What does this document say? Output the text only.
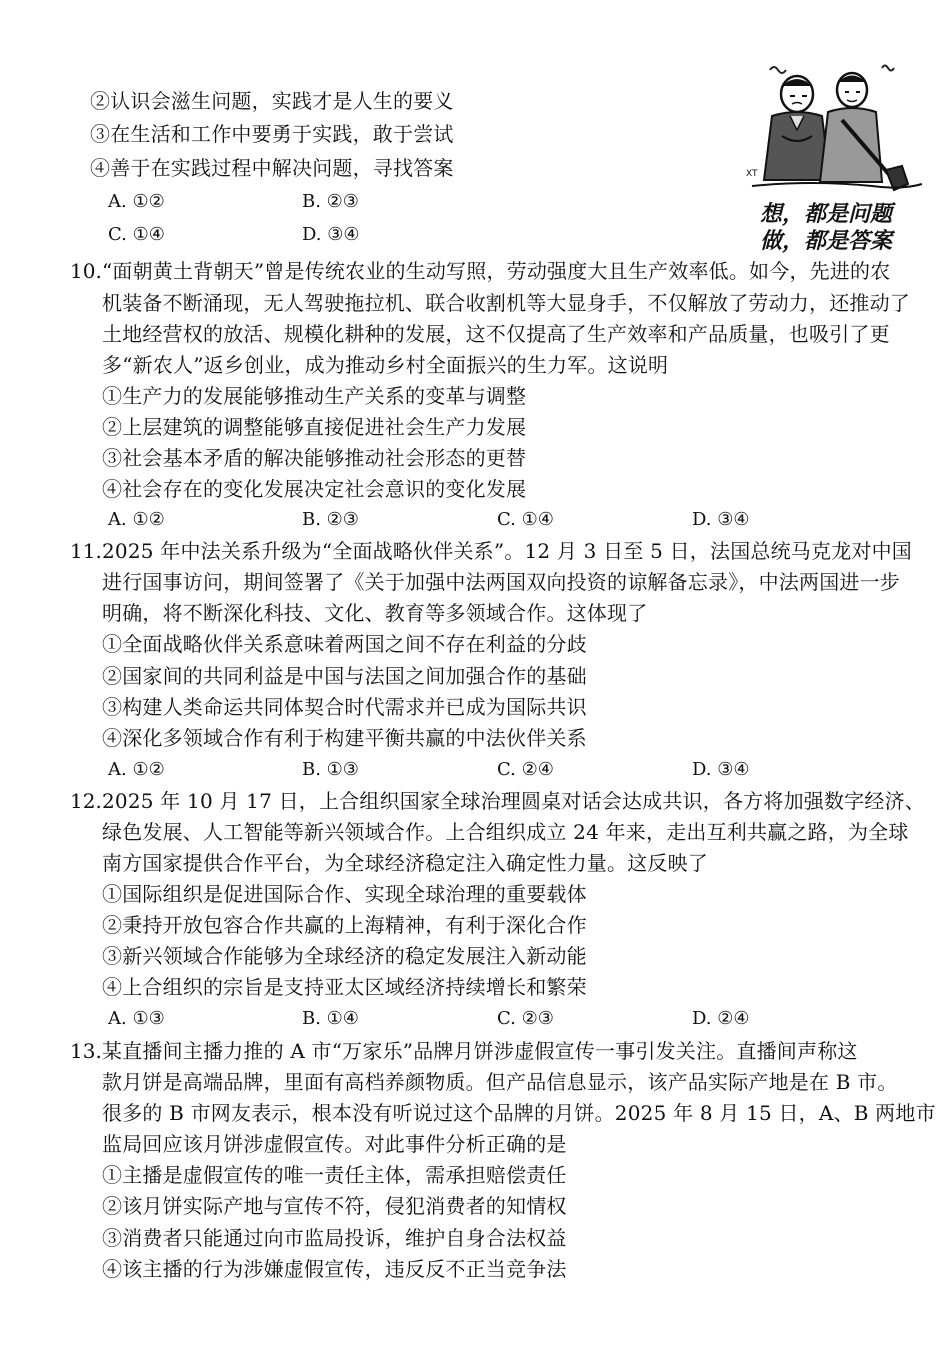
②认识会滋生问题，实践才是人生的要义
③在生活和工作中要勇于实践，敢于尝试
④善于在实践过程中解决问题，寻找答案
A. ①②	B. ②③
C. ①④	D. ③④
XT
想，都是问题
做，都是答案
10. “面朝黄土背朝天”曾是传统农业的生动写照，劳动强度大且生产效率低。如今，先进的农
机装备不断涌现，无人驾驶拖拉机、联合收割机等大显身手，不仅解放了劳动力，还推动了
土地经营权的放活、规模化耕种的发展，这不仅提高了生产效率和产品质量，也吸引了更
多“新农人”返乡创业，成为推动乡村全面振兴的生力军。这说明
①生产力的发展能够推动生产关系的变革与调整
②上层建筑的调整能够直接促进社会生产力发展
③社会基本矛盾的解决能够推动社会形态的更替
④社会存在的变化发展决定社会意识的变化发展
A. ①②	B. ②③	C. ①④	D. ③④
11. 2025 年中法关系升级为“全面战略伙伴关系”。12 月 3 日至 5 日，法国总统马克龙对中国
进行国事访问，期间签署了《关于加强中法两国双向投资的谅解备忘录》，中法两国进一步
明确，将不断深化科技、文化、教育等多领域合作。这体现了
①全面战略伙伴关系意味着两国之间不存在利益的分歧
②国家间的共同利益是中国与法国之间加强合作的基础
③构建人类命运共同体契合时代需求并已成为国际共识
④深化多领域合作有利于构建平衡共赢的中法伙伴关系
A. ①②	B. ①③	C. ②④	D. ③④
12. 2025 年 10 月 17 日，上合组织国家全球治理圆桌对话会达成共识，各方将加强数字经济、
绿色发展、人工智能等新兴领域合作。上合组织成立 24 年来，走出互利共赢之路，为全球
南方国家提供合作平台，为全球经济稳定注入确定性力量。这反映了
①国际组织是促进国际合作、实现全球治理的重要载体
②秉持开放包容合作共赢的上海精神，有利于深化合作
③新兴领域合作能够为全球经济的稳定发展注入新动能
④上合组织的宗旨是支持亚太区域经济持续增长和繁荣
A. ①③	B. ①④	C. ②③	D. ②④
13. 某直播间主播力推的 A 市“万家乐”品牌月饼涉虚假宣传一事引发关注。直播间声称这
款月饼是高端品牌，里面有高档养颜物质。但产品信息显示，该产品实际产地是在 B 市。
很多的 B 市网友表示，根本没有听说过这个品牌的月饼。2025 年 8 月 15 日，A、B 两地市
监局回应该月饼涉虚假宣传。对此事件分析正确的是
①主播是虚假宣传的唯一责任主体，需承担赔偿责任
②该月饼实际产地与宣传不符，侵犯消费者的知情权
③消费者只能通过向市监局投诉，维护自身合法权益
④该主播的行为涉嫌虚假宣传，违反反不正当竞争法
